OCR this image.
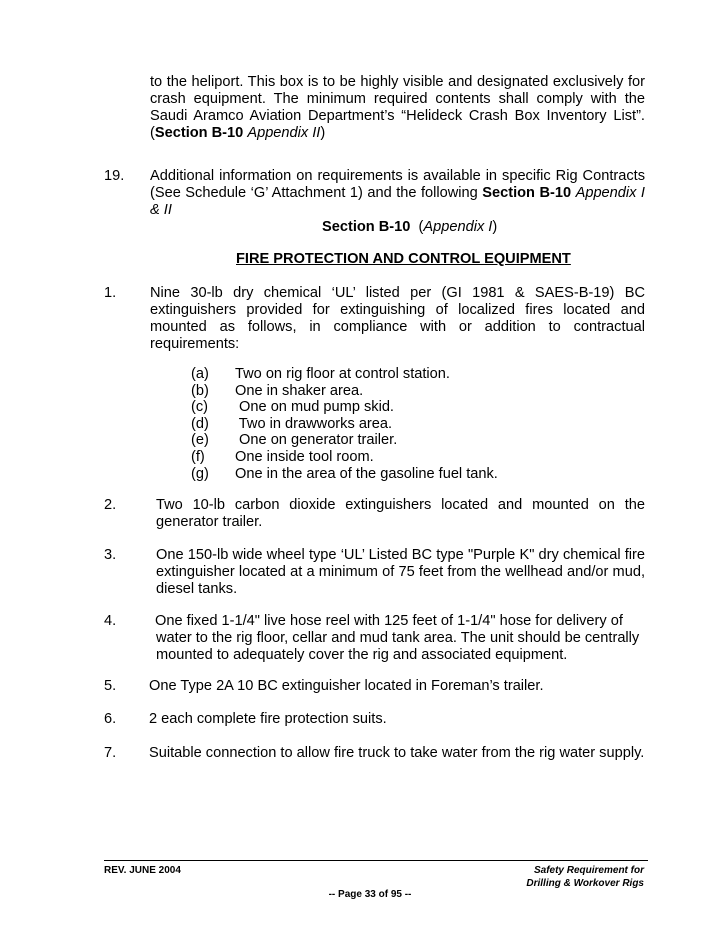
to the heliport. This box is to be highly visible and designated exclusively for crash equipment. The minimum required contents shall comply with the Saudi Aramco Aviation Department’s “Helideck Crash Box Inventory List”. (Section B-10 Appendix II)
19. Additional information on requirements is available in specific Rig Contracts (See Schedule ‘G’ Attachment 1) and the following Section B-10 Appendix I & II
Section B-10 (Appendix I)
FIRE PROTECTION AND CONTROL EQUIPMENT
1. Nine 30-lb dry chemical ‘UL’ listed per (GI 1981 & SAES-B-19) BC extinguishers provided for extinguishing of localized fires located and mounted as follows, in compliance with or addition to contractual requirements:
(a) Two on rig floor at control station.
(b) One in shaker area.
(c) One on mud pump skid.
(d) Two in drawworks area.
(e) One on generator trailer.
(f) One inside tool room.
(g) One in the area of the gasoline fuel tank.
2.	Two 10-lb carbon dioxide extinguishers located and mounted on the generator trailer.
3.	One 150-lb wide wheel type ‘UL’ Listed BC type "Purple K" dry chemical fire extinguisher located at a minimum of 75 feet from the wellhead and/or mud, diesel tanks.
4.	One fixed 1-1/4" live hose reel with 125 feet of 1-1/4" hose for delivery of
water to the rig floor, cellar and mud tank area. The unit should be centrally
mounted to adequately cover the rig and associated equipment.
5. One Type 2A 10 BC extinguisher located in Foreman’s trailer.
6. 2 each complete fire protection suits.
7. Suitable connection to allow fire truck to take water from the rig water supply.
REV. JUNE 2004	Safety Requirement for
Drilling & Workover Rigs
-- Page 33 of 95 --
